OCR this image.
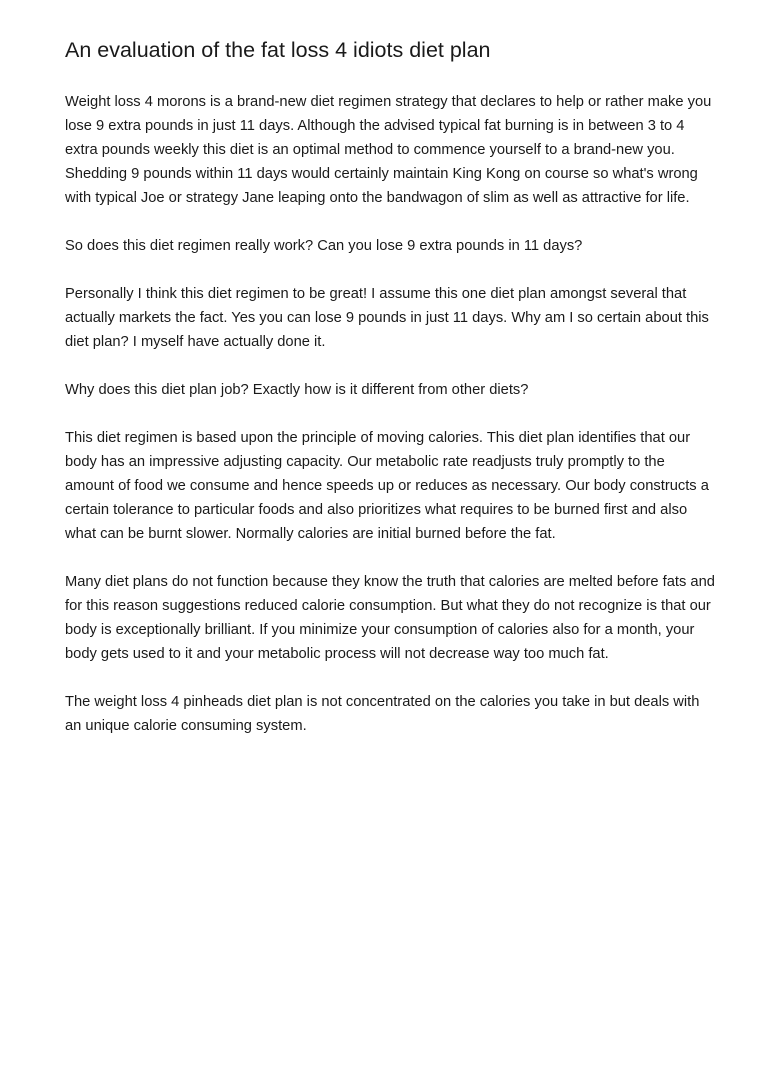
An evaluation of the fat loss 4 idiots diet plan

Weight loss 4 morons is a brand-new diet regimen strategy that declares to help or rather make you lose 9 extra pounds in just 11 days. Although the advised typical fat burning is in between 3 to 4 extra pounds weekly this diet is an optimal method to commence yourself to a brand-new you. Shedding 9 pounds within 11 days would certainly maintain King Kong on course so what's wrong with typical Joe or strategy Jane leaping onto the bandwagon of slim as well as attractive for life.

So does this diet regimen really work? Can you lose 9 extra pounds in 11 days?

Personally I think this diet regimen to be great! I assume this one diet plan amongst several that actually markets the fact. Yes you can lose 9 pounds in just 11 days. Why am I so certain about this diet plan? I myself have actually done it.

Why does this diet plan job? Exactly how is it different from other diets?

This diet regimen is based upon the principle of moving calories. This diet plan identifies that our body has an impressive adjusting capacity. Our metabolic rate readjusts truly promptly to the amount of food we consume and hence speeds up or reduces as necessary. Our body constructs a certain tolerance to particular foods and also prioritizes what requires to be burned first and also what can be burnt slower. Normally calories are initial burned before the fat.

Many diet plans do not function because they know the truth that calories are melted before fats and for this reason suggestions reduced calorie consumption. But what they do not recognize is that our body is exceptionally brilliant. If you minimize your consumption of calories also for a month, your body gets used to it and your metabolic process will not decrease way too much fat.

The weight loss 4 pinheads diet plan is not concentrated on the calories you take in but deals with an unique calorie consuming system.
